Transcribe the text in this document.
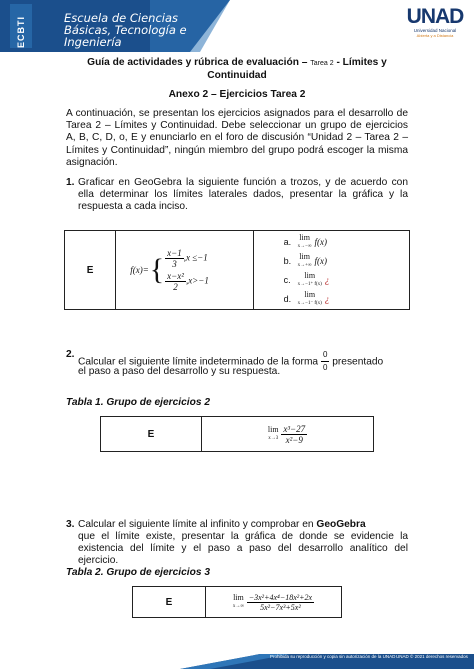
ECBTI	Escuela de Ciencias
Básicas, Tecnología e
Ingeniería
UNAD
Universidad Nacional
Abierta y a Distancia
Guía de actividades y rúbrica de evaluación – Tarea 2 - Límites y
Continuidad
Anexo 2 – Ejercicios Tarea 2
A continuación, se presentan los ejercicios asignados para el desarrollo de Tarea 2 – Límites y Continuidad. Debe seleccionar un grupo de ejercicios A, B, C, D, o, E y enunciarlo en el foro de discusión “Unidad 2 – Tarea 2 – Límites y Continuidad”, ningún miembro del grupo podrá escoger la misma asignación.
1. Graficar en GeoGebra la siguiente función a trozos, y de acuerdo con ella determinar los límites laterales dados, presentar la gráfica y la respuesta a cada inciso.
E	f(x)= { $\frac{x-1}{3} ,x \le-1$
$\frac{\text{x−x²}}{2} ,x>-1$

a.	lim
x→−∞ f(x)
b.	lim
x→+∞ f(x)
c.	lim
x→−1⁺ f(x) ¿
d.	lim
x→−1⁻ f(x) ¿
2.
Calcular el siguiente límite indeterminado de la forma $\frac{0}{0}$ presentado
el paso a paso del desarrollo y su respuesta.
Tabla 1. Grupo de ejercicios 2
E	lim
x→3
$\frac{\text{x³−27}}{\text{x²−9}}$
3. Calcular el siguiente límite al infinito y comprobar en GeoGebra
que el límite existe, presentar la gráfica de donde se evidencie la existencia del límite y el paso a paso del desarrollo analítico del ejercicio.
Tabla 2. Grupo de ejercicios 3
E	lim
x→∞
$\frac{\text{−3x²+4x⁴−18x²+2x}}{\text{5x²−7x³+5x²}}$
Prohibida su reproducción y copia sin autorización de la UNAD UNAD © 2021 derechos reservados
